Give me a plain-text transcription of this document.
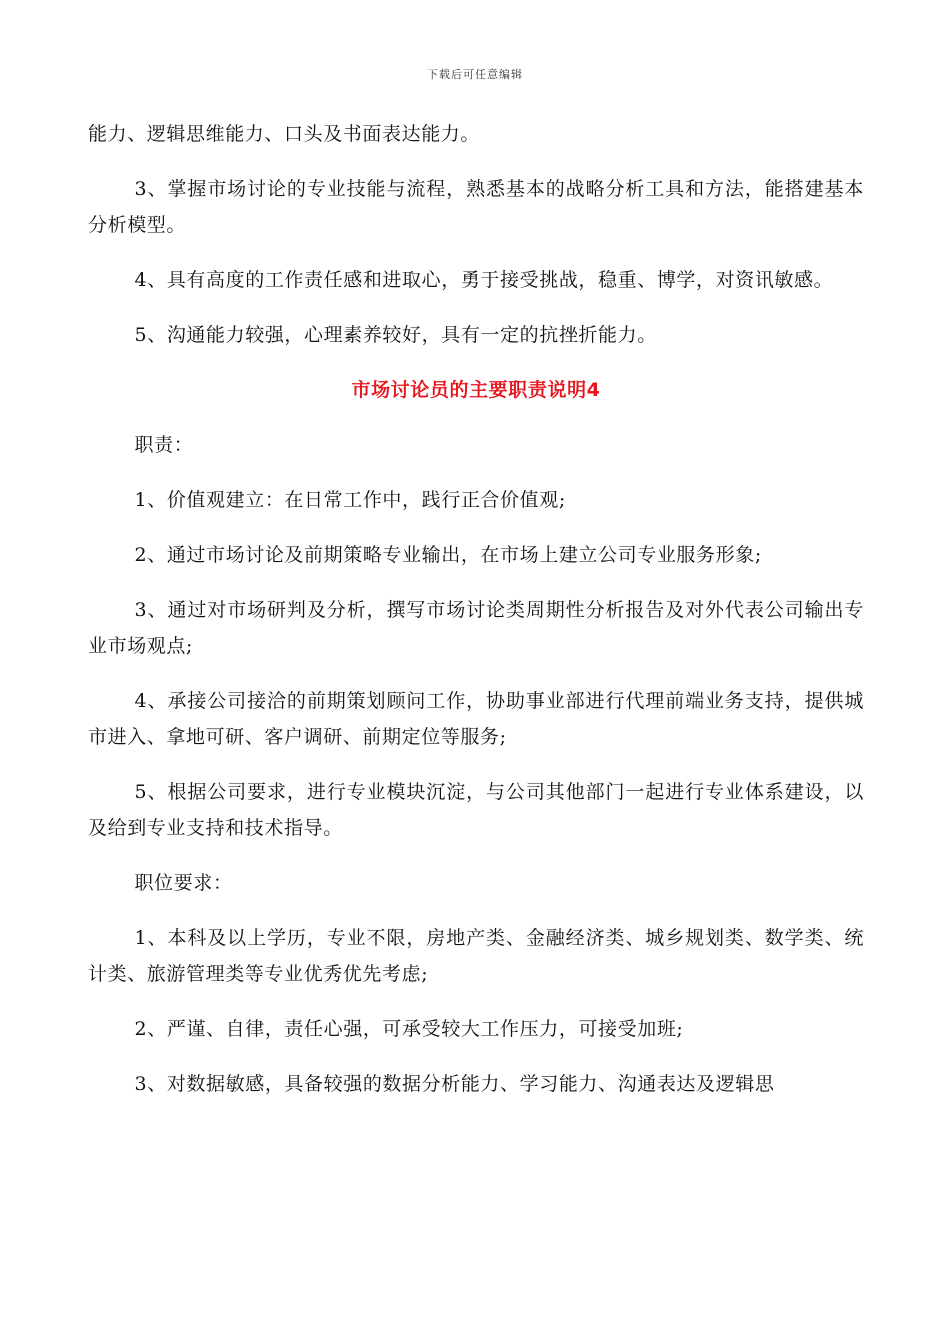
下载后可任意编辑

能力、逻辑思维能力、口头及书面表达能力。

3、掌握市场讨论的专业技能与流程，熟悉基本的战略分析工具和方法，能搭建基本分析模型。

4、具有高度的工作责任感和进取心，勇于接受挑战，稳重、博学，对资讯敏感。

5、沟通能力较强，心理素养较好，具有一定的抗挫折能力。

市场讨论员的主要职责说明4

职责：

1、价值观建立：在日常工作中，践行正合价值观;

2、通过市场讨论及前期策略专业输出，在市场上建立公司专业服务形象;

3、通过对市场研判及分析，撰写市场讨论类周期性分析报告及对外代表公司输出专业市场观点;

4、承接公司接洽的前期策划顾问工作，协助事业部进行代理前端业务支持，提供城市进入、拿地可研、客户调研、前期定位等服务;

5、根据公司要求，进行专业模块沉淀，与公司其他部门一起进行专业体系建设，以及给到专业支持和技术指导。

职位要求：

1、本科及以上学历，专业不限，房地产类、金融经济类、城乡规划类、数学类、统计类、旅游管理类等专业优秀优先考虑;

2、严谨、自律，责任心强，可承受较大工作压力，可接受加班;

3、对数据敏感，具备较强的数据分析能力、学习能力、沟通表达及逻辑思
